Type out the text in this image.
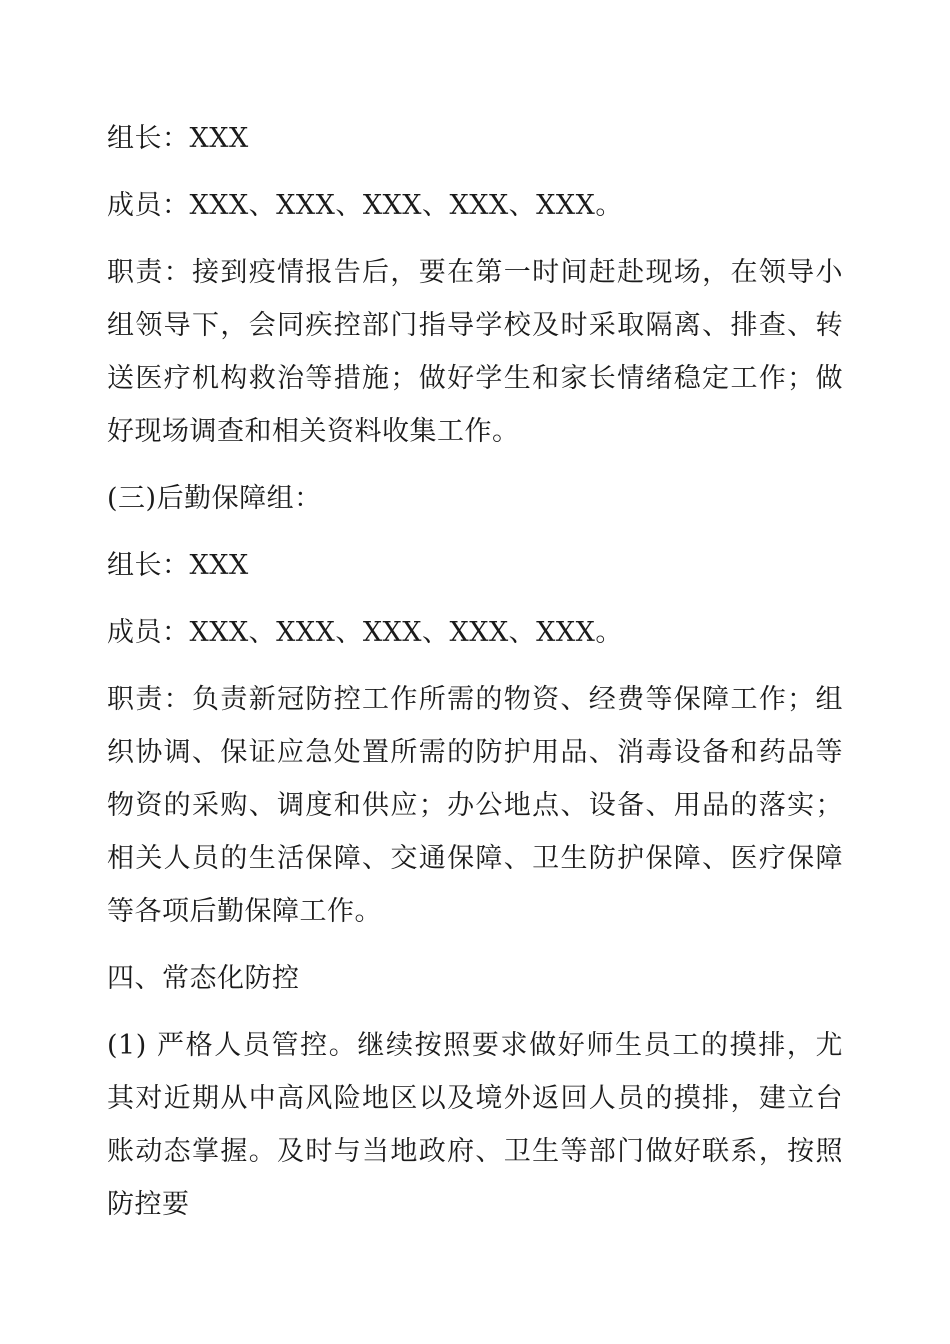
组长：XXX

成员：XXX、XXX、XXX、XXX、XXX。

职责：接到疫情报告后，要在第一时间赶赴现场，在领导小组领导下，会同疾控部门指导学校及时采取隔离、排查、转送医疗机构救治等措施；做好学生和家长情绪稳定工作；做好现场调查和相关资料收集工作。

(三)后勤保障组：

组长：XXX

成员：XXX、XXX、XXX、XXX、XXX。

职责：负责新冠防控工作所需的物资、经费等保障工作；组织协调、保证应急处置所需的防护用品、消毒设备和药品等物资的采购、调度和供应；办公地点、设备、用品的落实；相关人员的生活保障、交通保障、卫生防护保障、医疗保障等各项后勤保障工作。

四、常态化防控

(1) 严格人员管控。继续按照要求做好师生员工的摸排，尤其对近期从中高风险地区以及境外返回人员的摸排，建立台账动态掌握。及时与当地政府、卫生等部门做好联系，按照防控要
